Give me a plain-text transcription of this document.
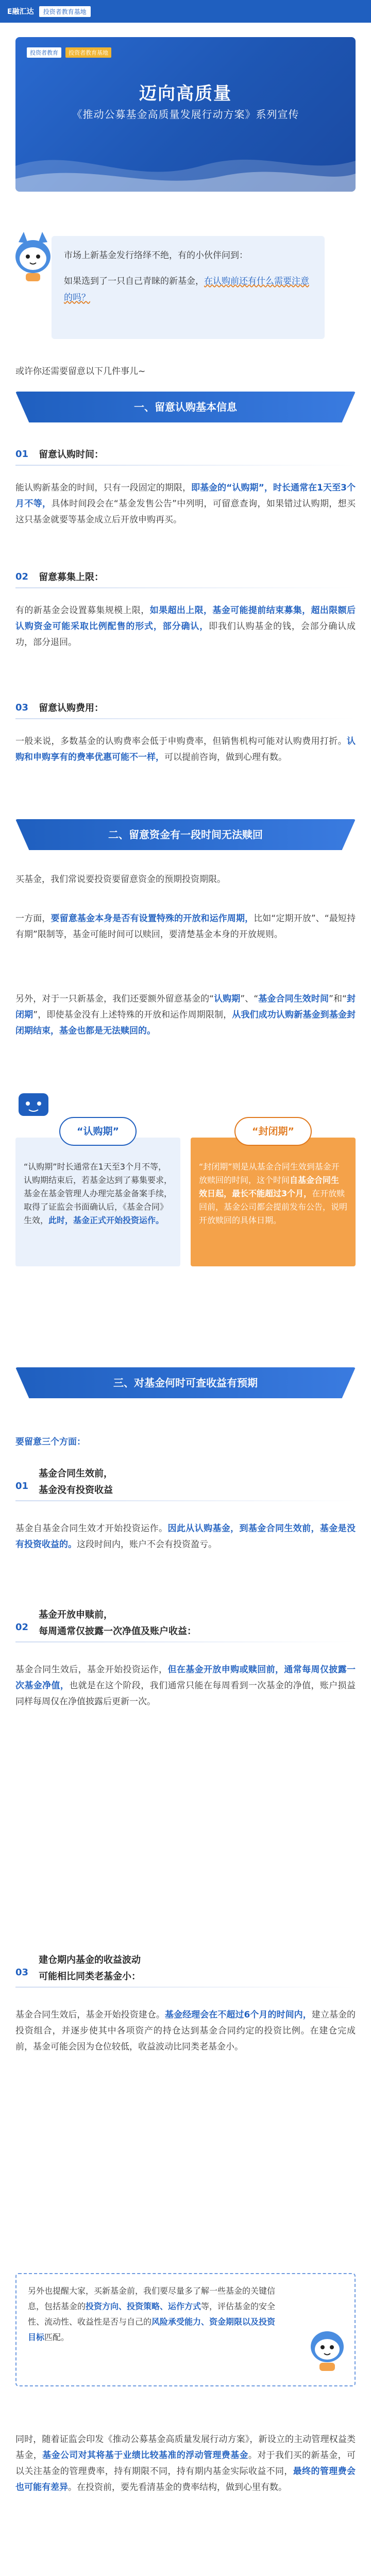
E融汇达	投资者教育基地
投资者教育	投资者教育基地
迈向高质量
《推动公募基金高质量发展行动方案》系列宣传

市场上新基金发行络绎不绝，有的小伙伴问到：

如果选到了一只自己青睐的新基金，在认购前还有什么需要注意的吗？

或许你还需要留意以下几件事儿~
一、留意认购基本信息
01 留意认购时间：
能认购新基金的时间，只有一段固定的期限，即基金的“认购期”，时长通常在1天至3个月不等，具体时间段会在“基金发售公告”中列明，可留意查询，如果错过认购期，想买这只基金就要等基金成立后开放申购再买。
02 留意募集上限：
有的新基金会设置募集规模上限，如果超出上限，基金可能提前结束募集，超出限额后认购资金可能采取比例配售的形式，部分确认，即我们认购基金的钱，会部分确认成功，部分退回。
03 留意认购费用：
一般来说，多数基金的认购费率会低于申购费率，但销售机构可能对认购费用打折。认购和申购享有的费率优惠可能不一样，可以提前咨询，做到心理有数。
二、留意资金有一段时间无法赎回
买基金，我们常说要投资要留意资金的预期投资期限。
一方面，要留意基金本身是否有设置特殊的开放和运作周期，比如“定期开放”、“最短持有期”限制等，基金可能时间可以赎回，要清楚基金本身的开放规则。
另外，对于一只新基金，我们还要额外留意基金的“认购期”、“基金合同生效时间”和“封闭期”，即使基金没有上述特殊的开放和运作周期限制，从我们成功认购新基金到基金封闭期结束，基金也都是无法赎回的。
“认购期”时长通常在1天至3个月不等，认购期结束后，若基金达到了募集要求，基金在基金管理人办理完基金备案手续，取得了证监会书面确认后，《基金合同》生效，此时，基金正式开始投资运作。
“认购期”
“封闭期”则是从基金合同生效到基金开放赎回的时间，这个时间自基金合同生效日起，最长不能超过3个月，在开放赎回前，基金公司都会提前发布公告，说明开放赎回的具体日期。
“封闭期”
三、对基金何时可查收益有预期
要留意三个方面：
01
基金合同生效前，
基金没有投资收益
基金自基金合同生效才开始投资运作。因此从认购基金，到基金合同生效前，基金是没有投资收益的。这段时间内，账户不会有投资盈亏。
02
基金开放申赎前，
每周通常仅披露一次净值及账户收益：
基金合同生效后，基金开始投资运作，但在基金开放申购或赎回前，通常每周仅披露一次基金净值，也就是在这个阶段，我们通常只能在每周看到一次基金的净值，账户损益同样每周仅在净值披露后更新一次。
03
建仓期内基金的收益波动
可能相比同类老基金小：
基金合同生效后，基金开始投资建仓。基金经理会在不超过6个月的时间内，建立基金的投资组合，并逐步使其中各项资产的持仓达到基金合同约定的投资比例。在建仓完成前，基金可能会因为仓位较低，收益波动比同类老基金小。
另外也提醒大家，买新基金前，我们要尽量多了解一些基金的关键信息，包括基金的投资方向、投资策略、运作方式等，评估基金的安全性、流动性、收益性是否与自己的风险承受能力、资金期限以及投资目标匹配。
同时，随着证监会印发《推动公募基金高质量发展行动方案》，新设立的主动管理权益类基金，基金公司对其将基于业绩比较基准的浮动管理费基金。对于我们买的新基金，可以关注基金的管理费率，持有期限不同，持有期内基金实际收益不同，最终的管理费会也可能有差异。在投资前，要先看清基金的费率结构，做到心里有数。
